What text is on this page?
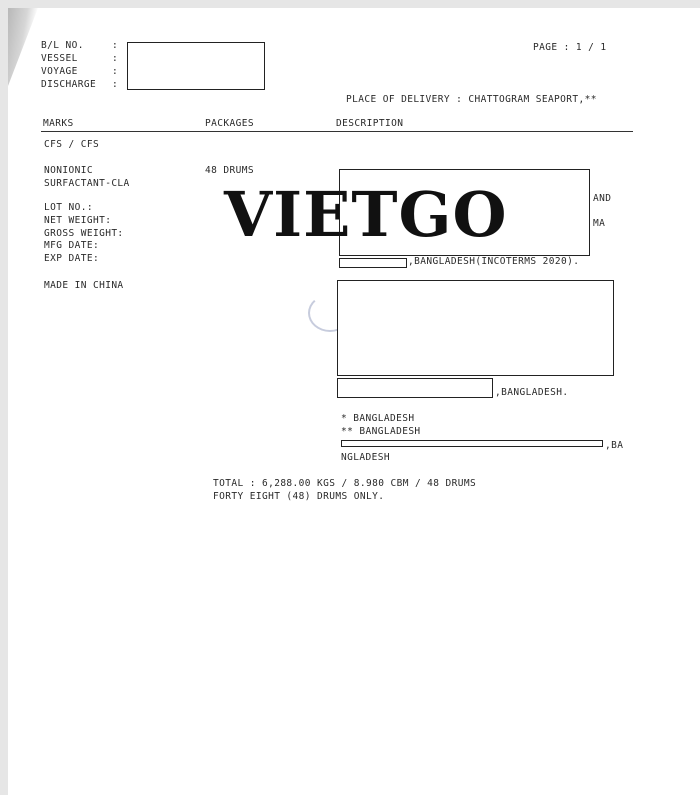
B/L NO.
VESSEL
VOYAGE
DISCHARGE
:
:
:
:
PAGE : 1 / 1
PLACE OF DELIVERY : CHATTOGRAM SEAPORT,**
MARKS	PACKAGES	DESCRIPTION
CFS / CFS
NONIONIC
SURFACTANT-CLA
LOT NO.:
NET WEIGHT:
GROSS WEIGHT:
MFG DATE:
EXP DATE:
MADE IN CHINA
48 DRUMS
AND
MA
,BANGLADESH(INCOTERMS 2020).
,BANGLADESH.
* BANGLADESH
** BANGLADESH
,BA
NGLADESH
TOTAL : 6,288.00 KGS / 8.980 CBM / 48 DRUMS
FORTY EIGHT (48) DRUMS ONLY.
VIETGO
